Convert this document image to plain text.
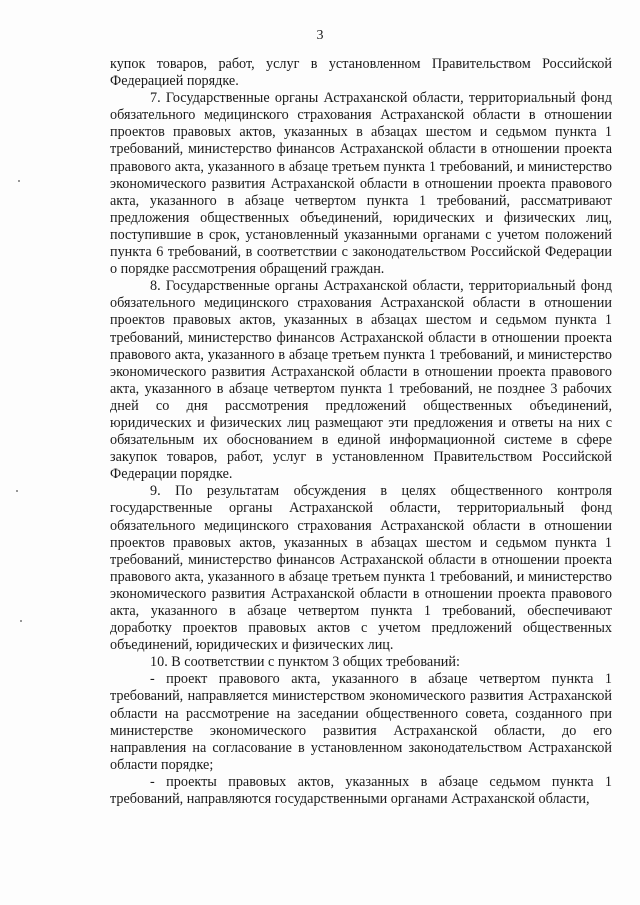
3

купок товаров, работ, услуг в установленном Правительством Российской Федерацией порядке.

7. Государственные органы Астраханской области, территориальный фонд обязательного медицинского страхования Астраханской области в отношении проектов правовых актов, указанных в абзацах шестом и седьмом пункта 1 требований, министерство финансов Астраханской области в отношении проекта правового акта, указанного в абзаце третьем пункта 1 требований, и министерство экономического развития Астраханской области в отношении проекта правового акта, указанного в абзаце четвертом пункта 1 требований, рассматривают предложения общественных объединений, юридических и физических лиц, поступившие в срок, установленный указанными органами с учетом положений пункта 6 требований, в соответствии с законодательством Российской Федерации о порядке рассмотрения обращений граждан.

8. Государственные органы Астраханской области, территориальный фонд обязательного медицинского страхования Астраханской области в отношении проектов правовых актов, указанных в абзацах шестом и седьмом пункта 1 требований, министерство финансов Астраханской области в отношении проекта правового акта, указанного в абзаце третьем пункта 1 требований, и министерство экономического развития Астраханской области в отношении проекта правового акта, указанного в абзаце четвертом пункта 1 требований, не позднее 3 рабочих дней со дня рассмотрения предложений общественных объединений, юридических и физических лиц размещают эти предложения и ответы на них с обязательным их обоснованием в единой информационной системе в сфере закупок товаров, работ, услуг в установленном Правительством Российской Федерации порядке.

9. По результатам обсуждения в целях общественного контроля государственные органы Астраханской области, территориальный фонд обязательного медицинского страхования Астраханской области в отношении проектов правовых актов, указанных в абзацах шестом и седьмом пункта 1 требований, министерство финансов Астраханской области в отношении проекта правового акта, указанного в абзаце третьем пункта 1 требований, и министерство экономического развития Астраханской области в отношении проекта правового акта, указанного в абзаце четвертом пункта 1 требований, обеспечивают доработку проектов правовых актов с учетом предложений общественных объединений, юридических и физических лиц.

10. В соответствии с пунктом 3 общих требований:

- проект правового акта, указанного в абзаце четвертом пункта 1 требований, направляется министерством экономического развития Астраханской области на рассмотрение на заседании общественного совета, созданного при министерстве экономического развития Астраханской области, до его направления на согласование в установленном законодательством Астраханской области порядке;

- проекты правовых актов, указанных в абзаце седьмом пункта 1 требований, направляются государственными органами Астраханской области,
